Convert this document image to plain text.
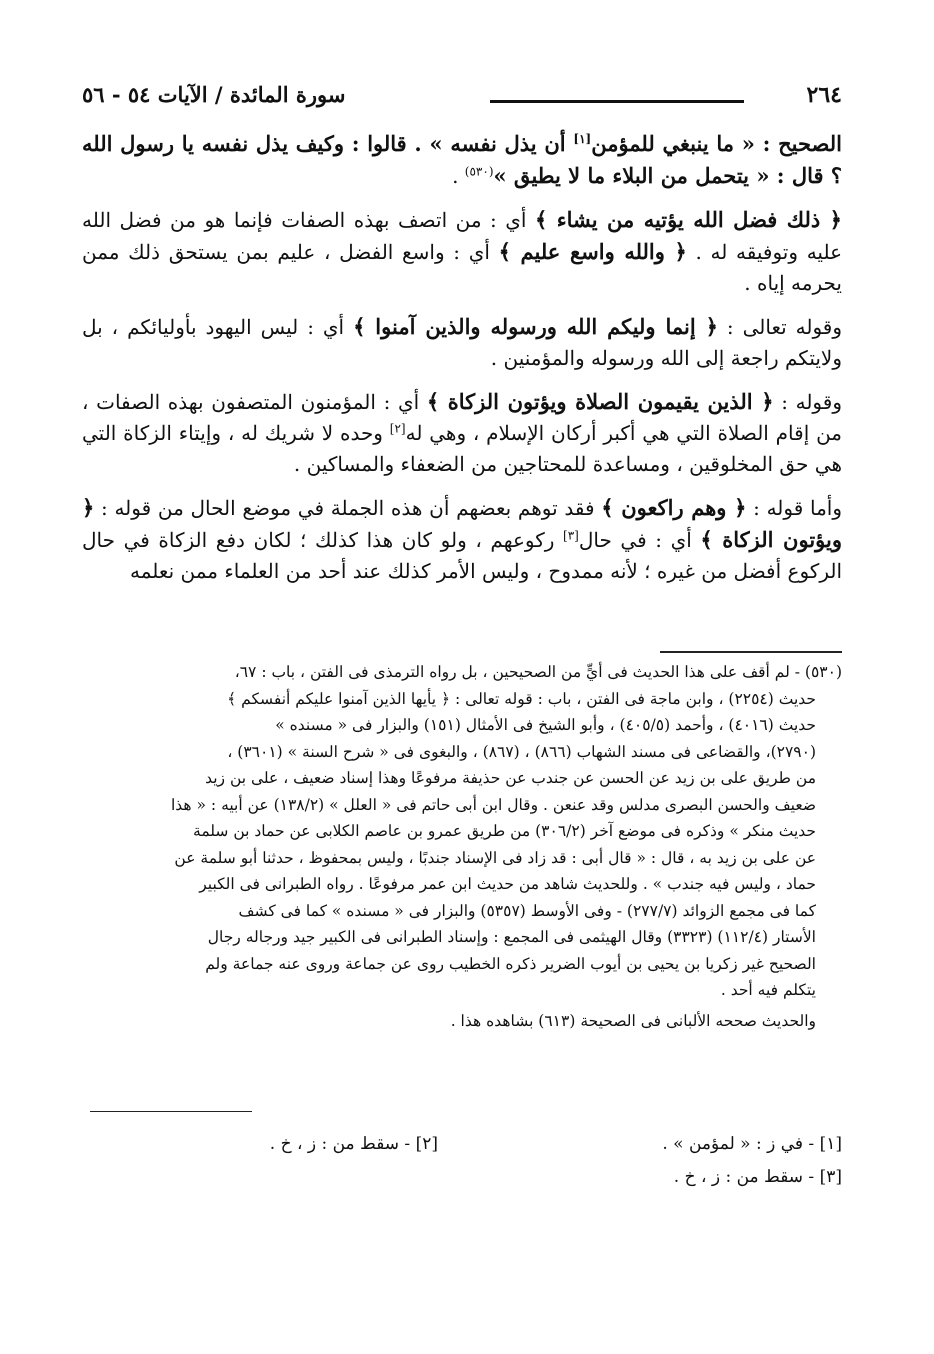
٢٦٤
سورة المائدة / الآيات ٥٤ - ٥٦

الصحيح : « ما ينبغي للمؤمن[١] أن يذل نفسه » . قالوا : وكيف يذل نفسه يا رسول الله ؟ قال : « يتحمل من البلاء ما لا يطيق »$^{(٥٣٠)}$ .

﴿ ذلك فضل الله يؤتيه من يشاء ﴾ أي : من اتصف بهذه الصفات فإنما هو من فضل الله عليه وتوفيقه له . ﴿ والله واسع عليم ﴾ أي : واسع الفضل ، عليم بمن يستحق ذلك ممن يحرمه إياه .

وقوله تعالى : ﴿ إنما وليكم الله ورسوله والذين آمنوا ﴾ أي : ليس اليهود بأوليائكم ، بل ولايتكم راجعة إلى الله ورسوله والمؤمنين .

وقوله : ﴿ الذين يقيمون الصلاة ويؤتون الزكاة ﴾ أي : المؤمنون المتصفون بهذه الصفات ، من إقام الصلاة التي هي أكبر أركان الإسلام ، وهي له[٢] وحده لا شريك له ، وإيتاء الزكاة التي هي حق المخلوقين ، ومساعدة للمحتاجين من الضعفاء والمساكين .

وأما قوله : ﴿ وهم راكعون ﴾ فقد توهم بعضهم أن هذه الجملة في موضع الحال من قوله : ﴿ ويؤتون الزكاة ﴾ أي : في حال[٣] ركوعهم ، ولو كان هذا كذلك ؛ لكان دفع الزكاة في حال الركوع أفضل من غيره ؛ لأنه ممدوح ، وليس الأمر كذلك عند أحد من العلماء ممن نعلمه

(٥٣٠) - لم أقف على هذا الحديث فى أيٍّ من الصحيحين ، بل رواه الترمذى فى الفتن ، باب : ٦٧،
حديث (٢٢٥٤) ، وابن ماجة فى الفتن ، باب : قوله تعالى : ﴿ يأيها الذين آمنوا عليكم أنفسكم ﴾
حديث (٤٠١٦) ، وأحمد (٤٠٥/٥) ، وأبو الشيخ فى الأمثال (١٥١) والبزار فى « مسنده »
(٢٧٩٠)، والقضاعى فى مسند الشهاب (٨٦٦) ، (٨٦٧) ، والبغوى فى « شرح السنة » (٣٦٠١) ،
من طريق على بن زيد عن الحسن عن جندب عن حذيفة مرفوعًا وهذا إسناد ضعيف ، على بن زيد
ضعيف والحسن البصرى مدلس وقد عنعن . وقال ابن أبى حاتم فى « العلل » (١٣٨/٢) عن أبيه : « هذا
حديث منكر » وذكره فى موضع آخر (٣٠٦/٢) من طريق عمرو بن عاصم الكلابى عن حماد بن سلمة
عن على بن زيد به ، قال : « قال أبى : قد زاد فى الإسناد جندبًا ، وليس بمحفوظ ، حدثنا أبو سلمة عن
حماد ، وليس فيه جندب » . وللحديث شاهد من حديث ابن عمر مرفوعًا . رواه الطبرانى فى الكبير
كما فى مجمع الزوائد (٢٧٧/٧) - وفى الأوسط (٥٣٥٧) والبزار فى « مسنده » كما فى كشف
الأستار (١١٢/٤) (٣٣٢٣) وقال الهيثمى فى المجمع : وإسناد الطبرانى فى الكبير جيد ورجاله رجال
الصحيح غير زكريا بن يحيى بن أيوب الضرير ذكره الخطيب روى عن جماعة وروى عنه جماعة ولم
يتكلم فيه أحد .
والحديث صححه الألبانى فى الصحيحة (٦١٣) بشاهده هذا .
[١] - في ز : « لمؤمن » .
[٢] - سقط من : ز ، خ .
[٣] - سقط من : ز ، خ .
